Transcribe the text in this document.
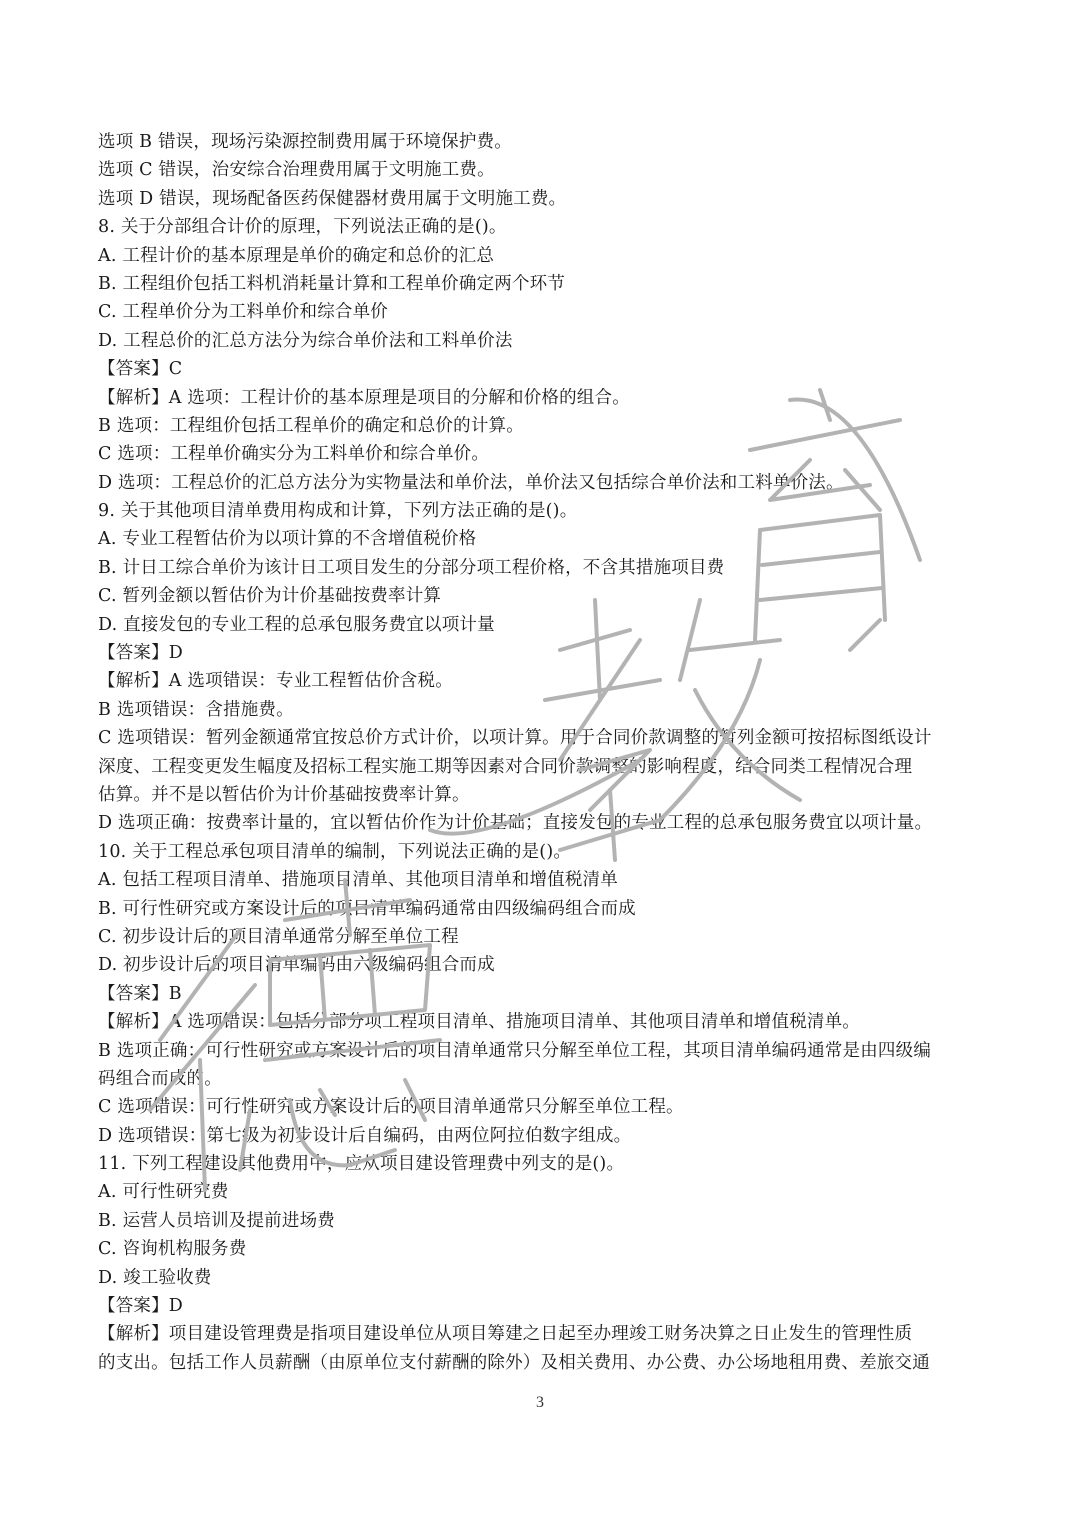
选项 B 错误，现场污染源控制费用属于环境保护费。
选项 C 错误，治安综合治理费用属于文明施工费。
选项 D 错误，现场配备医药保健器材费用属于文明施工费。
8. 关于分部组合计价的原理，下列说法正确的是()。
A. 工程计价的基本原理是单价的确定和总价的汇总
B. 工程组价包括工料机消耗量计算和工程单价确定两个环节
C. 工程单价分为工料单价和综合单价
D. 工程总价的汇总方法分为综合单价法和工料单价法
【答案】C
【解析】A 选项：工程计价的基本原理是项目的分解和价格的组合。
B 选项：工程组价包括工程单价的确定和总价的计算。
C 选项：工程单价确实分为工料单价和综合单价。
D 选项：工程总价的汇总方法分为实物量法和单价法，单价法又包括综合单价法和工料单价法。
9. 关于其他项目清单费用构成和计算，下列方法正确的是()。
A. 专业工程暂估价为以项计算的不含增值税价格
B. 计日工综合单价为该计日工项目发生的分部分项工程价格，不含其措施项目费
C. 暂列金额以暂估价为计价基础按费率计算
D. 直接发包的专业工程的总承包服务费宜以项计量
【答案】D
【解析】A 选项错误：专业工程暂估价含税。
B 选项错误：含措施费。
C 选项错误：暂列金额通常宜按总价方式计价，以项计算。用于合同价款调整的暂列金额可按招标图纸设计
深度、工程变更发生幅度及招标工程实施工期等因素对合同价款调整的影响程度，结合同类工程情况合理
估算。并不是以暂估价为计价基础按费率计算。
D 选项正确：按费率计量的，宜以暂估价作为计价基础；直接发包的专业工程的总承包服务费宜以项计量。
10. 关于工程总承包项目清单的编制，下列说法正确的是()。
A. 包括工程项目清单、措施项目清单、其他项目清单和增值税清单
B. 可行性研究或方案设计后的项目清单编码通常由四级编码组合而成
C. 初步设计后的项目清单通常分解至单位工程
D. 初步设计后的项目清单编码由六级编码组合而成
【答案】B
【解析】A 选项错误：包括分部分项工程项目清单、措施项目清单、其他项目清单和增值税清单。
B 选项正确：可行性研究或方案设计后的项目清单通常只分解至单位工程，其项目清单编码通常是由四级编
码组合而成的。
C 选项错误：可行性研究或方案设计后的项目清单通常只分解至单位工程。
D 选项错误：第七级为初步设计后自编码，由两位阿拉伯数字组成。
11. 下列工程建设其他费用中，应从项目建设管理费中列支的是()。
A. 可行性研究费
B. 运营人员培训及提前进场费
C. 咨询机构服务费
D. 竣工验收费
【答案】D
【解析】项目建设管理费是指项目建设单位从项目筹建之日起至办理竣工财务决算之日止发生的管理性质
的支出。包括工作人员薪酬（由原单位支付薪酬的除外）及相关费用、办公费、办公场地租用费、差旅交通
3
